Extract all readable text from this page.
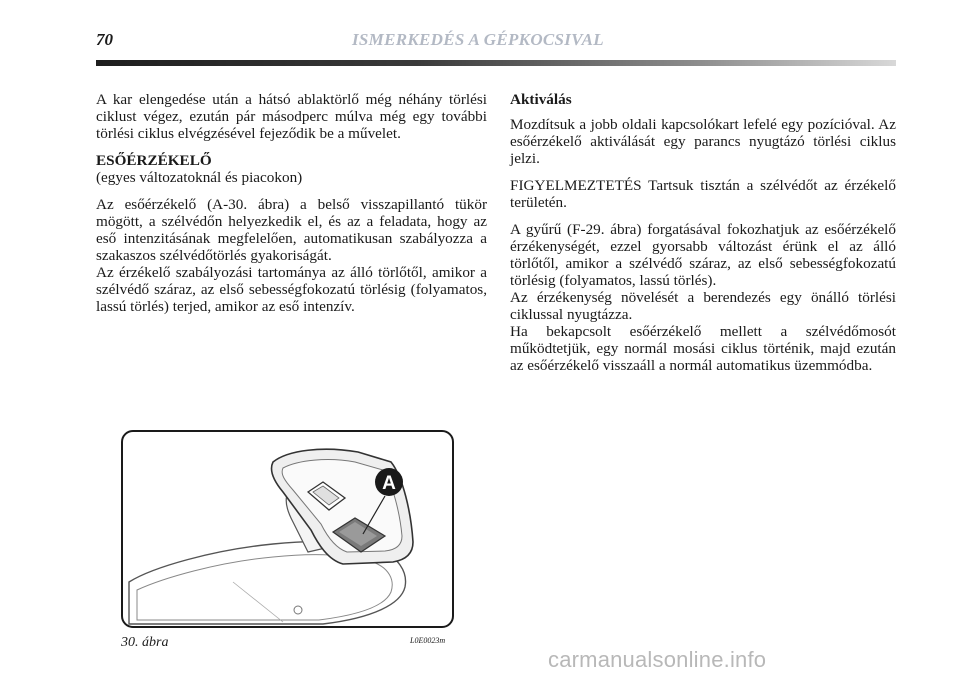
70	ISMERKEDÉS A GÉPKOCSIVAL

A kar elengedése után a hátsó ablaktörlő még néhány törlési ciklust végez, ezután pár másodperc múlva még egy további törlési ciklus elvégzésével fejeződik be a művelet.

ESŐÉRZÉKELŐ

(egyes változatoknál és piacokon)

Az esőérzékelő (A-30. ábra) a belső visszapillantó tükör mögött, a szélvédőn helyezkedik el, és az a feladata, hogy az eső intenzitásának megfelelően, automatikusan szabályozza a szakaszos szélvédőtörlés gyakoriságát.

Az érzékelő szabályozási tartománya az álló törlőtől, amikor a szélvédő száraz, az első sebességfokozatú törlésig (folyamatos, lassú törlés) terjed, amikor az eső intenzív.

Aktiválás

Mozdítsuk a jobb oldali kapcsolókart lefelé egy pozícióval. Az esőérzékelő aktiválását egy parancs nyugtázó törlési ciklus jelzi.

FIGYELMEZTETÉS Tartsuk tisztán a szélvédőt az érzékelő területén.

A gyűrű (F-29. ábra) forgatásával fokozhatjuk az esőérzékelő érzékenységét, ezzel gyorsabb változást érünk el az álló törlőtől, amikor a szélvédő száraz, az első sebességfokozatú törlésig (folyamatos, lassú törlés).

Az érzékenység növelését a berendezés egy önálló törlési ciklussal nyugtázza.

Ha bekapcsolt esőérzékelő mellett a szélvédőmosót működtetjük, egy normál mosási ciklus történik, majd ezután az esőérzékelő visszaáll a normál automatikus üzemmódba.

A
30. ábra	L0E0023m
carmanualsonline.info
